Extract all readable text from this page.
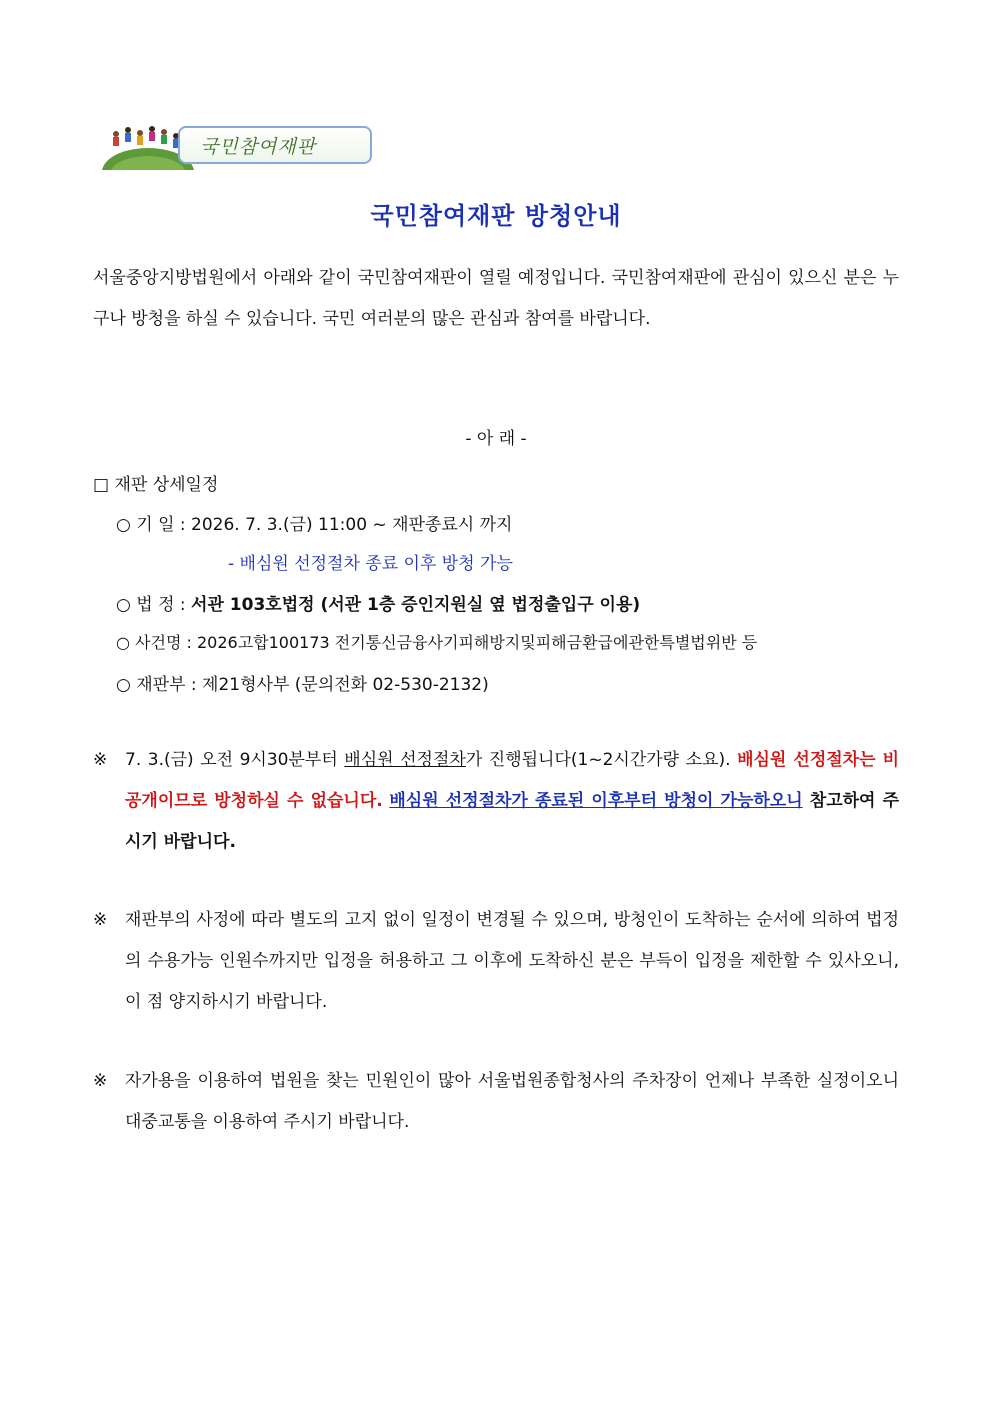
국민참여재판
국민참여재판 방청안내
서울중앙지방법원에서 아래와 같이 국민참여재판이 열릴 예정입니다. 국민참여재판에 관심이 있으신 분은 누구나 방청을 하실 수 있습니다. 국민 여러분의 많은 관심과 참여를 바랍니다.
- 아 래 -
□ 재판 상세일정
○ 기 일 : 2026. 7. 3.(금) 11:00 ~ 재판종료시 까지
- 배심원 선정절차 종료 이후 방청 가능
○ 법 정 : 서관 103호법정 (서관 1층 증인지원실 옆 법정출입구 이용)
○ 사건명 : 2026고합100173 전기통신금융사기피해방지및피해금환급에관한특별법위반 등
○ 재판부 : 제21형사부 (문의전화 02-530-2132)
※ 7. 3.(금) 오전 9시30분부터 배심원 선정절차가 진행됩니다(1~2시간가량 소요). 배심원 선정절차는 비공개이므로 방청하실 수 없습니다. 배심원 선정절차가 종료된 이후부터 방청이 가능하오니 참고하여 주시기 바랍니다.
※ 재판부의 사정에 따라 별도의 고지 없이 일정이 변경될 수 있으며, 방청인이 도착하는 순서에 의하여 법정의 수용가능 인원수까지만 입정을 허용하고 그 이후에 도착하신 분은 부득이 입정을 제한할 수 있사오니, 이 점 양지하시기 바랍니다.
※ 자가용을 이용하여 법원을 찾는 민원인이 많아 서울법원종합청사의 주차장이 언제나 부족한 실정이오니 대중교통을 이용하여 주시기 바랍니다.
